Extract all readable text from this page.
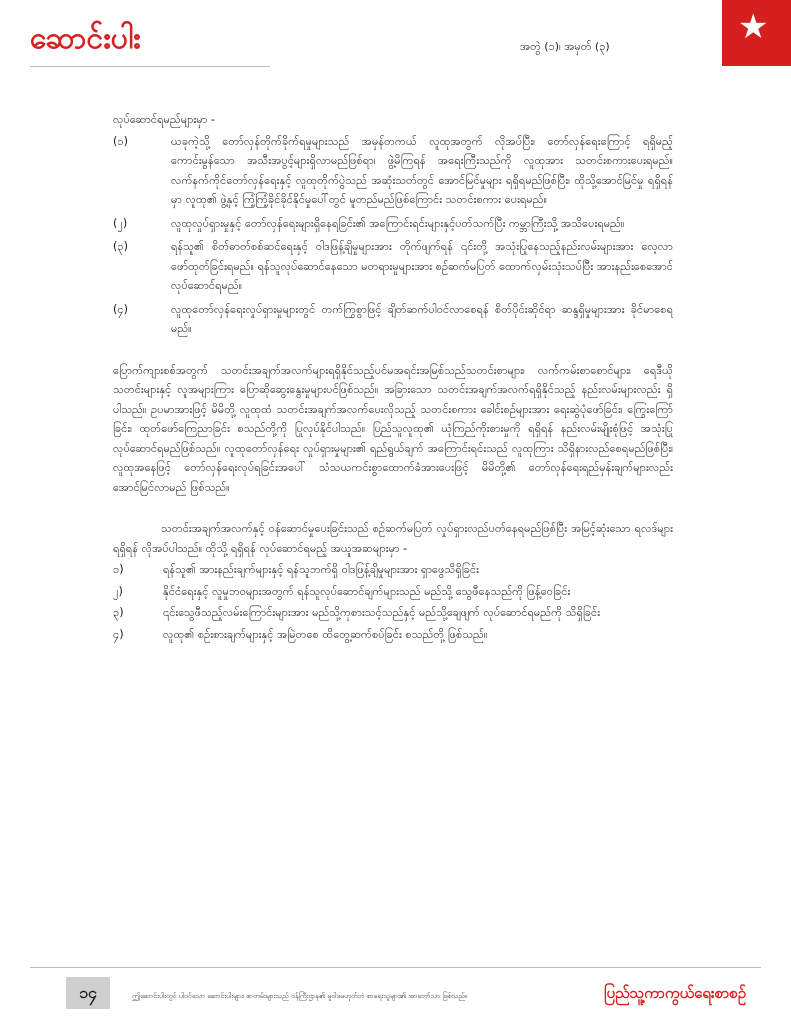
ဆောင်းပါး	အတွဲ (၁)၊ အမှတ် (၃)	★
လုပ်ဆောင်ရမည်များမှာ -
(၁)	ယခုကဲ့သို့ တော်လှန်တိုက်ခိုက်ရမှုများသည် အမှန်တကယ် လူထုအတွက် လိုအပ်ပြီး၊ တော်လှန်ရေးကြောင့် ရရှိမည့် ကောင်းမွန်သော အသီးအပွင့်များရှိလာမည်ဖြစ်ရာ၊ ဖွဲ့မိကြရန် အရေးကြီးသည်ကို လူထုအား သတင်းစကားပေးရမည်။ လက်နက်ကိုင်တော်လှန်ရေးနှင့် လူထုတိုက်ပွဲသည် အဆုံးသတ်တွင် အောင်မြင်မှုများ ရရှိရမည်ဖြစ်ပြီး၊ ထိုသို့အောင်မြင်မှု ရရှိရန်မှာ လူထု၏ ဖွဲ့နှင့် ကြံ့ကြံ့ခိုင်ခိုင်နိုင်မှုပေါ်တွင် မူတည်မည်ဖြစ်ကြောင်း သတင်းစကား ပေးရမည်။
(၂)	လူထုလှုပ်ရှားမှုနှင့် တော်လှန်ရေးများရှိနေရခြင်း၏ အကြောင်းရင်းများနှင့်ပတ်သက်ပြီး ကမ္ဘာကြီးသို့ အသိပေးရမည်။
(၃)	ရန်သူ၏ စိတ်ဓာတ်စစ်ဆင်ရေးနှင့် ဝါဒဖြန့်ချိမှုများအား တိုက်ဖျက်ရန် ၎င်းတို့ အသုံးပြုနေသည့်နည်းလမ်းများအား လေ့လာဖော်ထုတ်ခြင်းရမည်။ ရန်သူလုပ်ဆောင်နေသော မတရားမှုများအား စဉ်ဆက်မပြတ် ထောက်လှမ်းသုံးသပ်ပြီး အားနည်းစေအောင် လုပ်ဆောင်ရမည်။
(၄)	လူထုတော်လှန်ရေးလှုပ်ရှားမှုများတွင် တက်ကြွစွာဖြင့် ချိတ်ဆက်ပါဝင်လာစေရန် စိတ်ပိုင်းဆိုင်ရာ ဆန္ဒရှိမှုများအား ခိုင်မာစေရမည်။
ပြောက်ကျားစစ်အတွက် သတင်းအချက်အလက်များရရှိနိုင်သည့်ပင်မအရင်းအမြစ်သည်သတင်းစာများ၊ လက်ကမ်းစာစောင်များ၊ ရေဒီယို သတင်းများနှင့် လူအများကြား ပြောဆိုဆွေးနွေးမှုများပင်ဖြစ်သည်။ အခြားသော သတင်းအချက်အလက်ရရှိနိုင်သည့် နည်းလမ်းများလည်း ရှိပါသည်။ ဥပမာအားဖြင့် မိမိတို့ လူထုထံ သတင်းအချက်အလက်ပေးလိုသည့် သတင်းစကား ခေါင်းစဉ်များအား ရေးဆွဲပုံဖော်ခြင်း၊ ကြွေးကြော်ခြင်း၊ ထုတ်ဖော်ကြေညာခြင်း စသည်တို့ကို ပြုလုပ်နိုင်ပါသည်။ ပြည်သူလူထု၏ ယုံကြည်ကိုးစားမှုကို ရရှိရန် နည်းလမ်းမျိုးစုံဖြင့် အသုံးပြုလုပ်ဆောင်ရမည်ဖြစ်သည်။ လူထုတော်လှန်ရေး လှုပ်ရှားမှုများ၏ ရည်ရွယ်ချက် အကြောင်းရင်းသည် လူထုကြား သိရှိနားလည်စေရမည်ဖြစ်ပြီး၊ လူထုအနေဖြင့် တော်လှန်ရေးလုပ်ရခြင်းအပေါ် သံသယကင်းစွာထောက်ခံအားပေးဖြင့် မိမိတို့၏ တော်လှန်ရေးရည်မှန်းချက်များလည်း အောင်မြင်လာမည် ဖြစ်သည်။
သတင်းအချက်အလက်နှင့် ဝန်ဆောင်မှုပေးခြင်းသည် စဉ်ဆက်မပြတ် လှုပ်ရှားလည်ပတ်နေရမည်ဖြစ်ပြီး အမြင့်ဆုံးသော ရလဒ်များရရှိရန် လိုအပ်ပါသည်။ ထိုသို့ ရရှိရန် လုပ်ဆောင်ရမည့် အယူအဆများမှာ -
၁)	ရန်သူ၏ အားနည်းချက်များနှင့် ရန်သူဘက်ရှိ ဝါဒဖြန့်ချိမှုများအား ရှာဖွေသိရှိခြင်း
၂)	နိုင်ငံရေးနှင့် လူမှုဘဝများအတွက် ရန်သူလုပ်ဆောင်ချက်များသည် မည်သို့ သွေဖီနေသည်ကို ဖြန့်ဝေခြင်း
၃)	၎င်းသွေဖီသည့်လမ်းကြောင်းများအား မည်သို့ကုစားသင့်သည်နှင့် မည်သို့ချေဖျက် လုပ်ဆောင်ရမည်ကို သိရှိခြင်း
၄)	လူထု၏ စဉ်းစားချက်များနှင့် အမြဲတစေ ထိတွေ့ဆက်စပ်ခြင်း စသည်တို့ ဖြစ်သည်။
၁၄	ဤဆောင်းပါးတွင် ပါဝင်သော ဆောင်းပါးများ၊ စာတမ်းများသည် ဝန်ကြီးဌာန၏ မူဝါဒမဟုတ်ဘဲ စာရေးသူများ၏ အာဘော်သာ ဖြစ်သည်။	ပြည်သူ့ကာကွယ်ရေးစာစဉ်
